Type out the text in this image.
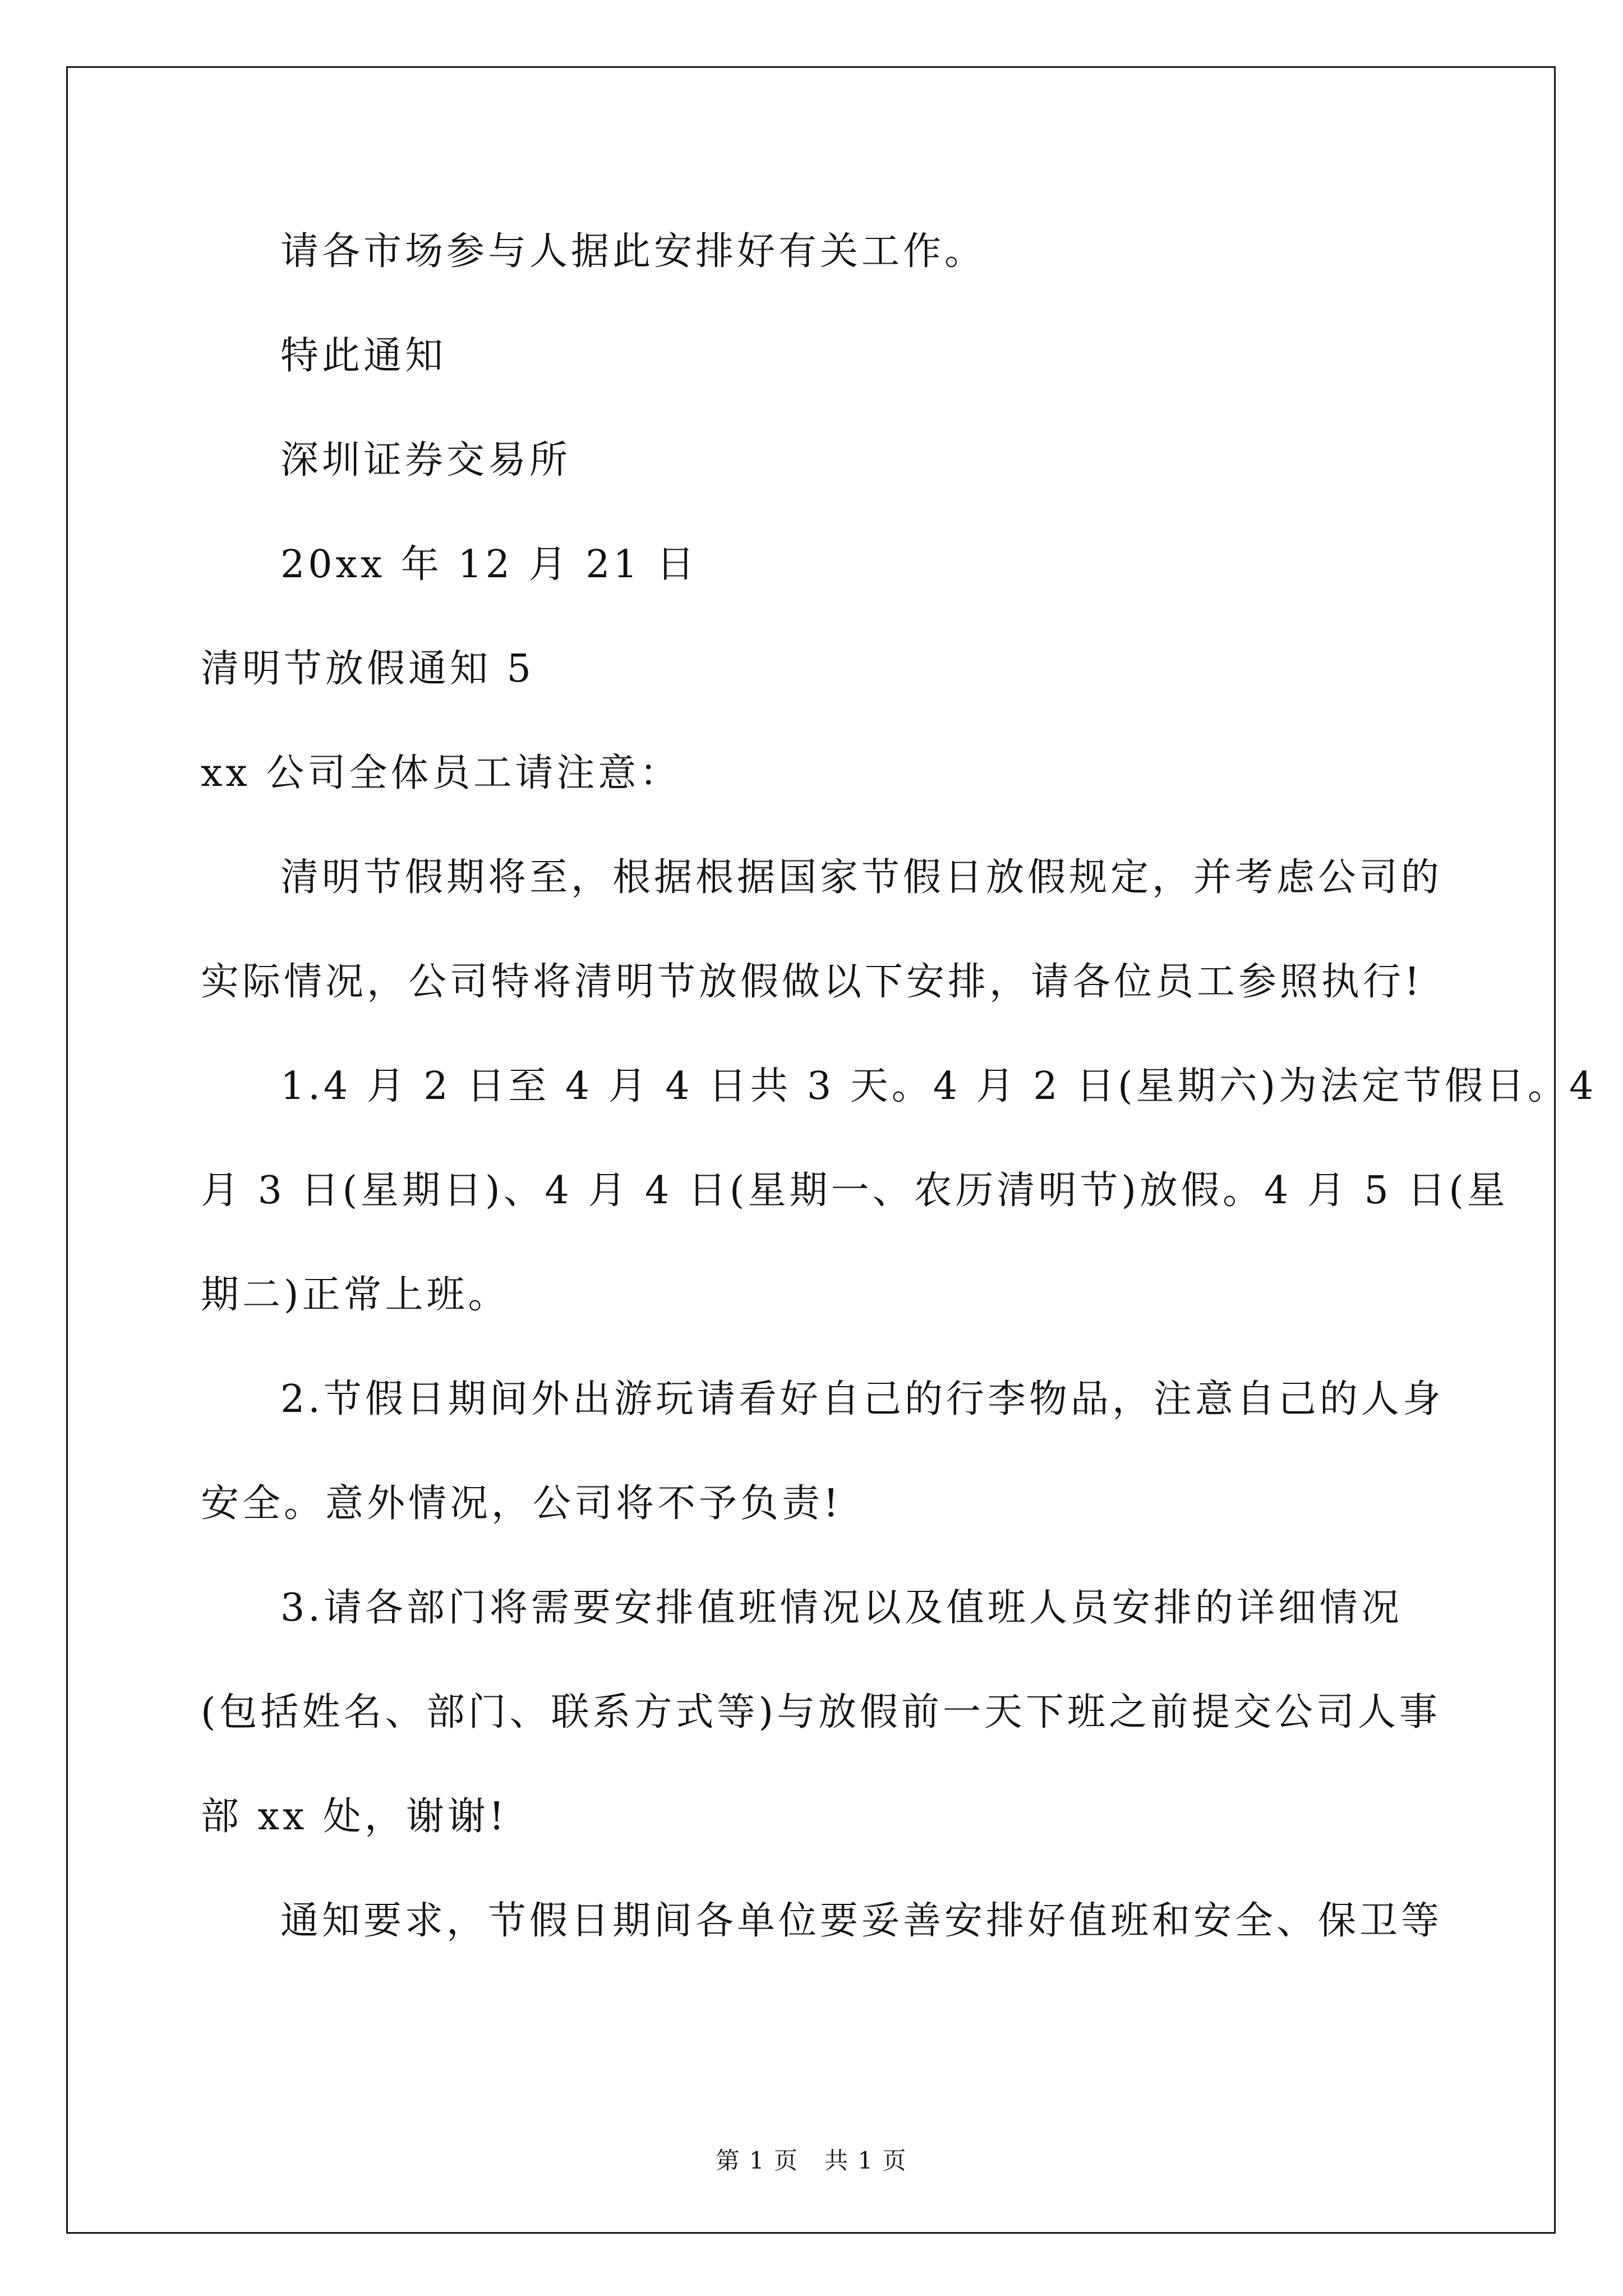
请各市场参与人据此安排好有关工作。
特此通知
深圳证券交易所
20xx 年 12 月 21 日
清明节放假通知 5
xx 公司全体员工请注意：
清明节假期将至，根据根据国家节假日放假规定，并考虑公司的
实际情况，公司特将清明节放假做以下安排，请各位员工参照执行!
1.4 月 2 日至 4 月 4 日共 3 天。4 月 2 日(星期六)为法定节假日。4
月 3 日(星期日)、4 月 4 日(星期一、农历清明节)放假。4 月 5 日(星
期二)正常上班。
2.节假日期间外出游玩请看好自己的行李物品，注意自己的人身
安全。意外情况，公司将不予负责!
3.请各部门将需要安排值班情况以及值班人员安排的详细情况
(包括姓名、部门、联系方式等)与放假前一天下班之前提交公司人事
部 xx 处，谢谢!
通知要求，节假日期间各单位要妥善安排好值班和安全、保卫等
第 1 页   共 1 页
